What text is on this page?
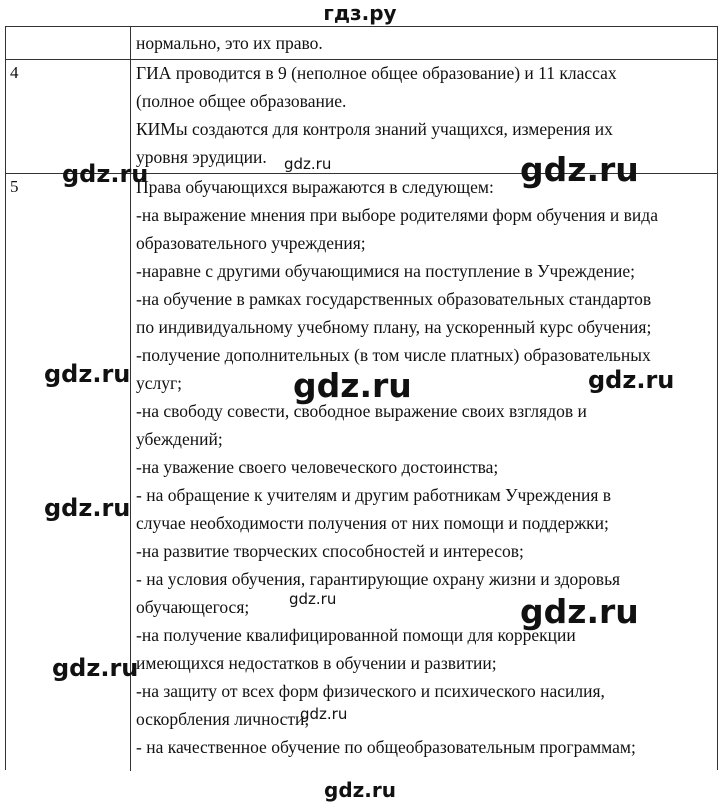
гдз.ру
нормально, это их право.
4	ГИА проводится в 9 (неполное общее образование) и 11 классах
(полное общее образование.
КИМы создаются для контроля знаний учащихся, измерения их
уровня эрудиции.
5	Права обучающихся выражаются в следующем:
-на выражение мнения при выборе родителями форм обучения и вида
образовательного учреждения;
-наравне с другими обучающимися на поступление в Учреждение;
-на обучение в рамках государственных образовательных стандартов
по индивидуальному учебному плану, на ускоренный курс обучения;
-получение дополнительных (в том числе платных) образовательных
услуг;
-на свободу совести, свободное выражение своих взглядов и
убеждений;
-на уважение своего человеческого достоинства;
- на обращение к учителям и другим работникам Учреждения в
случае необходимости получения от них помощи и поддержки;
-на развитие творческих способностей и интересов;
- на условия обучения, гарантирующие охрану жизни и здоровья
обучающегося;
-на получение квалифицированной помощи для коррекции
имеющихся недостатков в обучении и развитии;
-на защиту от всех форм физического и психического насилия,
оскорбления личности;
- на качественное обучение по общеобразовательным программам;
gdz.ru	gdz.ru	gdz.ru
gdz.ru	gdz.ru	gdz.ru
gdz.ru
gdz.ru	gdz.ru
gdz.ru
gdz.ru
gdz.ru
